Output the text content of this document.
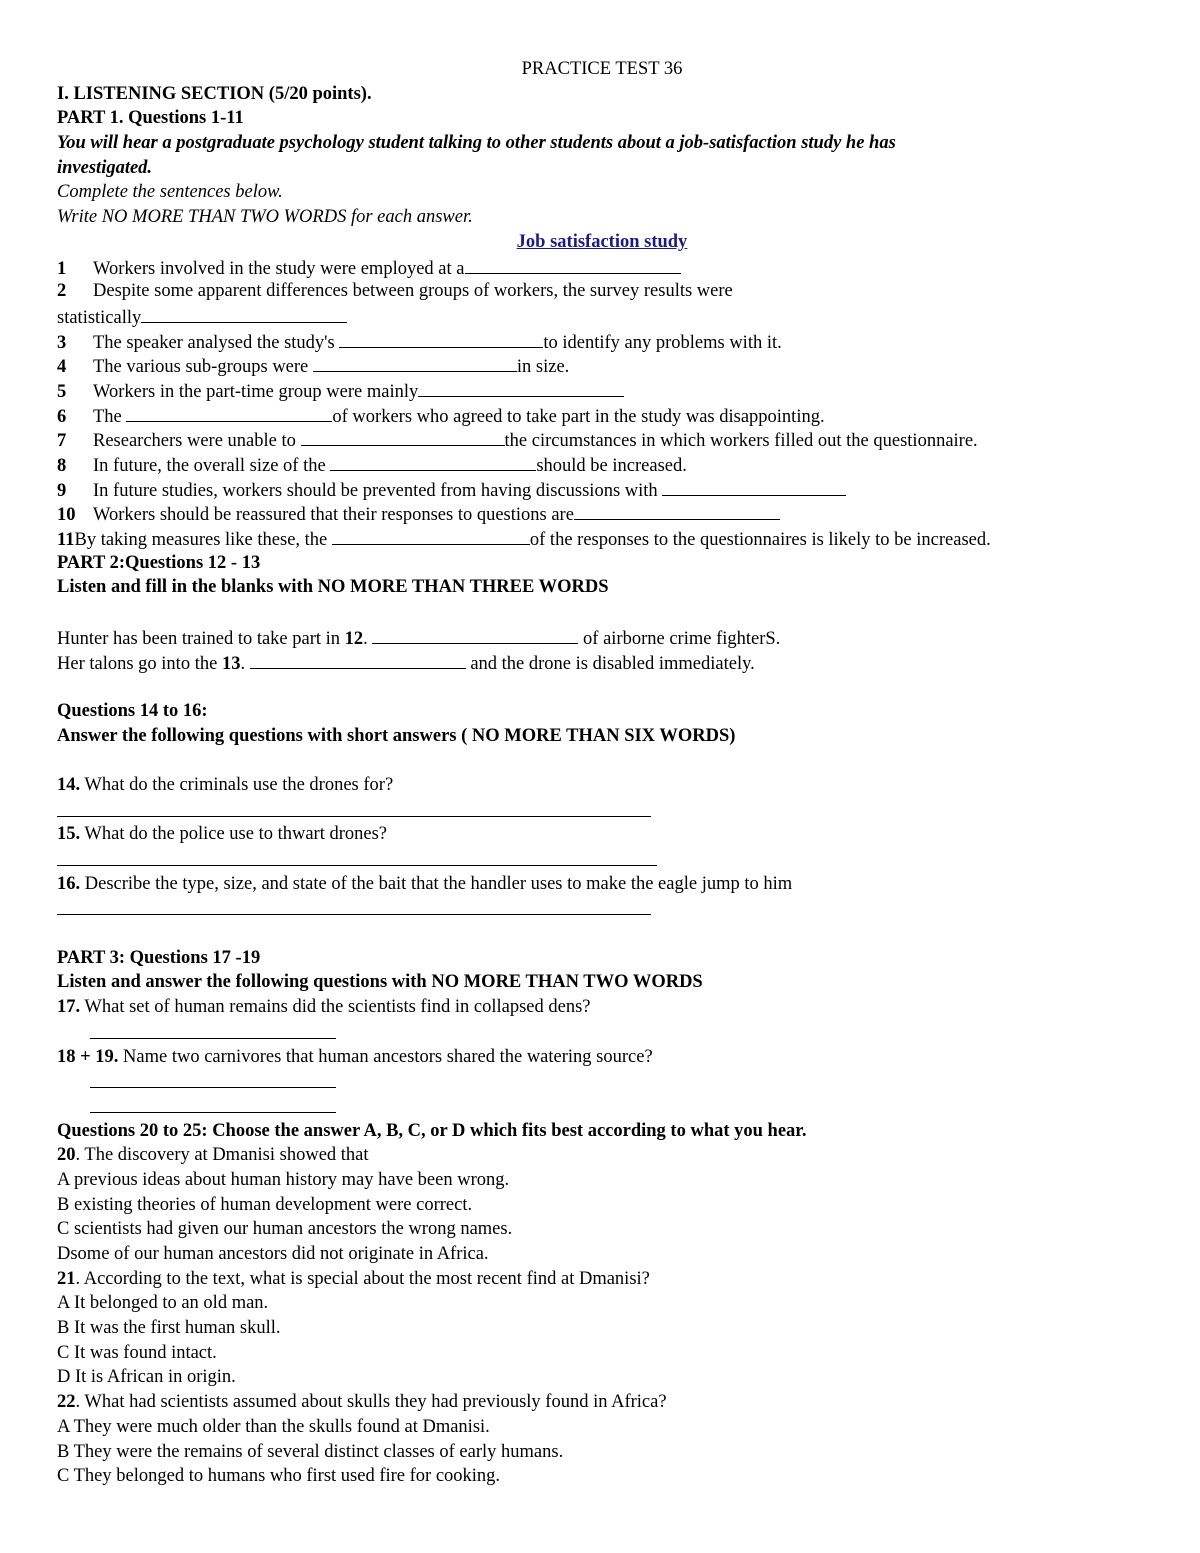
PRACTICE TEST 36
I. LISTENING SECTION (5/20 points).
PART 1. Questions 1-11
You will hear a postgraduate psychology student talking to other students about a job-satisfaction study he has
investigated.
Complete the sentences below.
Write NO MORE THAN TWO WORDS for each answer.
Job satisfaction study
1 Workers involved in the study were employed at a
2 Despite some apparent differences between groups of workers, the survey results were
statistically
3 The speaker analysed the study's	to identify any problems with it.
4 The various sub-groups were	in size.
5 Workers in the part-time group were mainly
6 The	of workers who agreed to take part in the study was disappointing.
7 Researchers were unable to	the circumstances in which workers filled out the questionnaire.
8 In future, the overall size of the	should be increased.
9 In future studies, workers should be prevented from having discussions with
10 Workers should be reassured that their responses to questions are
11By taking measures like these, the	of the responses to the questionnaires is likely to be increased.
PART 2:Questions 12 - 13
Listen and fill in the blanks with NO MORE THAN THREE WORDS
Hunter has been trained to take part in 12.	of airborne crime fighterS.
Her talons go into the 13.	and the drone is disabled immediately.
Questions 14 to 16:
Answer the following questions with short answers ( NO MORE THAN SIX WORDS)
14. What do the criminals use the drones for?
15. What do the police use to thwart drones?
16. Describe the type, size, and state of the bait that the handler uses to make the eagle jump to him
PART 3: Questions 17 -19
Listen and answer the following questions with NO MORE THAN TWO WORDS
17. What set of human remains did the scientists find in collapsed dens?
18 + 19. Name two carnivores that human ancestors shared the watering source?
Questions 20 to 25: Choose the answer A, B, C, or D which fits best according to what you hear.
20. The discovery at Dmanisi showed that
A previous ideas about human history may have been wrong.
B existing theories of human development were correct.
C scientists had given our human ancestors the wrong names.
Dsome of our human ancestors did not originate in Africa.
21. According to the text, what is special about the most recent find at Dmanisi?
A It belonged to an old man.
B It was the first human skull.
C It was found intact.
D It is African in origin.
22. What had scientists assumed about skulls they had previously found in Africa?
A They were much older than the skulls found at Dmanisi.
B They were the remains of several distinct classes of early humans.
C They belonged to humans who first used fire for cooking.
